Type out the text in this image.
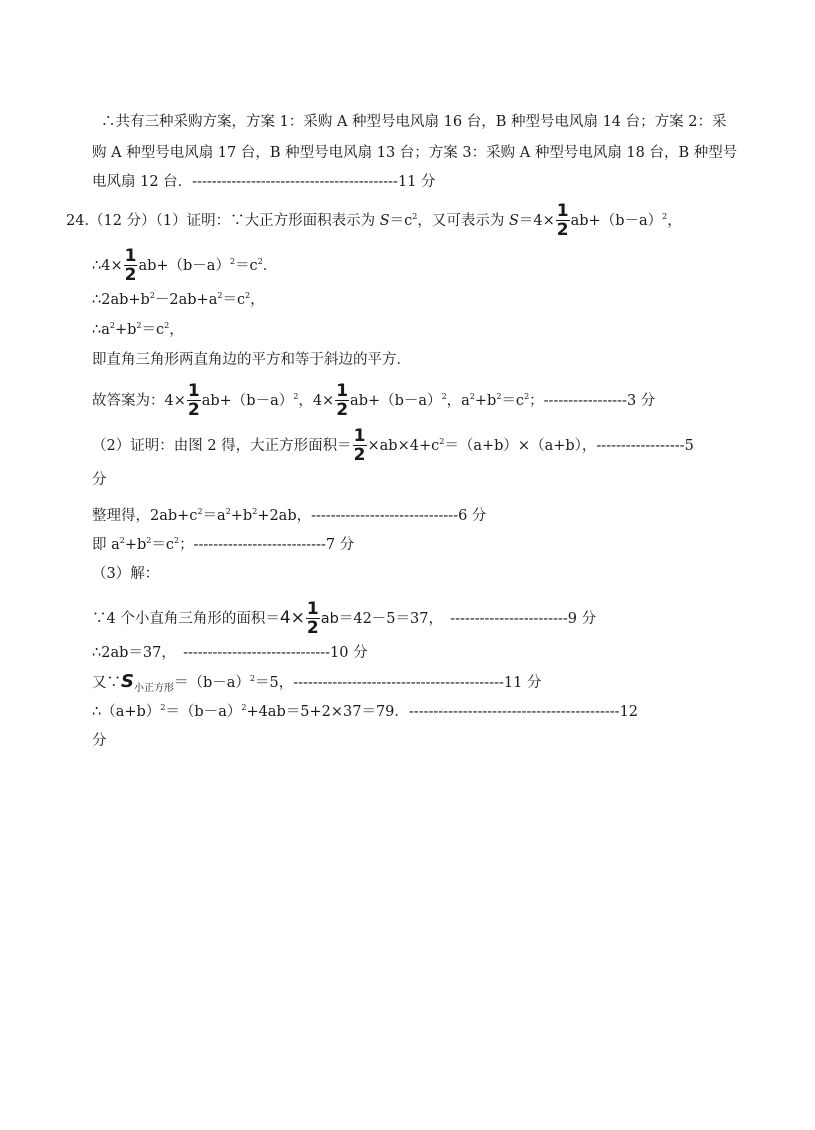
∴共有三种采购方案，方案 1：采购 A 种型号电风扇 16 台，B 种型号电风扇 14 台；方案 2：采
购 A 种型号电风扇 17 台，B 种型号电风扇 13 台；方案 3：采购 A 种型号电风扇 18 台，B 种型号
电风扇 12 台．------------------------------------------11 分
24.（12 分）（1）证明：∵大正方形面积表示为 $S=c^2$，又可表示为 $S=4\times \frac{1}{2} ab+(b-a)^2$，
∴4× $\frac{1}{2} ab+(b-a)^2=c^2$．
$\therefore 2ab+b^2-2ab+a^2=c^2$，
$\therefore a^2+b^2=c^2$，
即直角三角形两直角边的平方和等于斜边的平方．
故答案为：$4\times \frac{1}{2} ab+(b-a)^2$，$4\times \frac{1}{2} ab+(b-a)^2$，$a^2+b^2=c^2$；-----------------3 分
（2）证明：由图 2 得，大正方形面积＝ $\frac{1}{2} \times ab\times 4+c^2=(a+b)\times(a+b)$，------------------5
分
整理得，$2ab+c^2=a^2+b^2+2ab$，------------------------------6 分
即 $a^2+b^2=c^2$；---------------------------7 分
（3）解：
∵4 个小直角三角形的面积$=4\times \frac{1}{2} ab=42-5=37$，　------------------------9 分
∴2ab＝37，　------------------------------10 分
又$\because S_{小正方形}=(b-a)^2=5$，-------------------------------------------11 分
$\therefore(a+b)^2=(b-a)^2+4ab=5+2\times 37=79$．-------------------------------------------12
分
